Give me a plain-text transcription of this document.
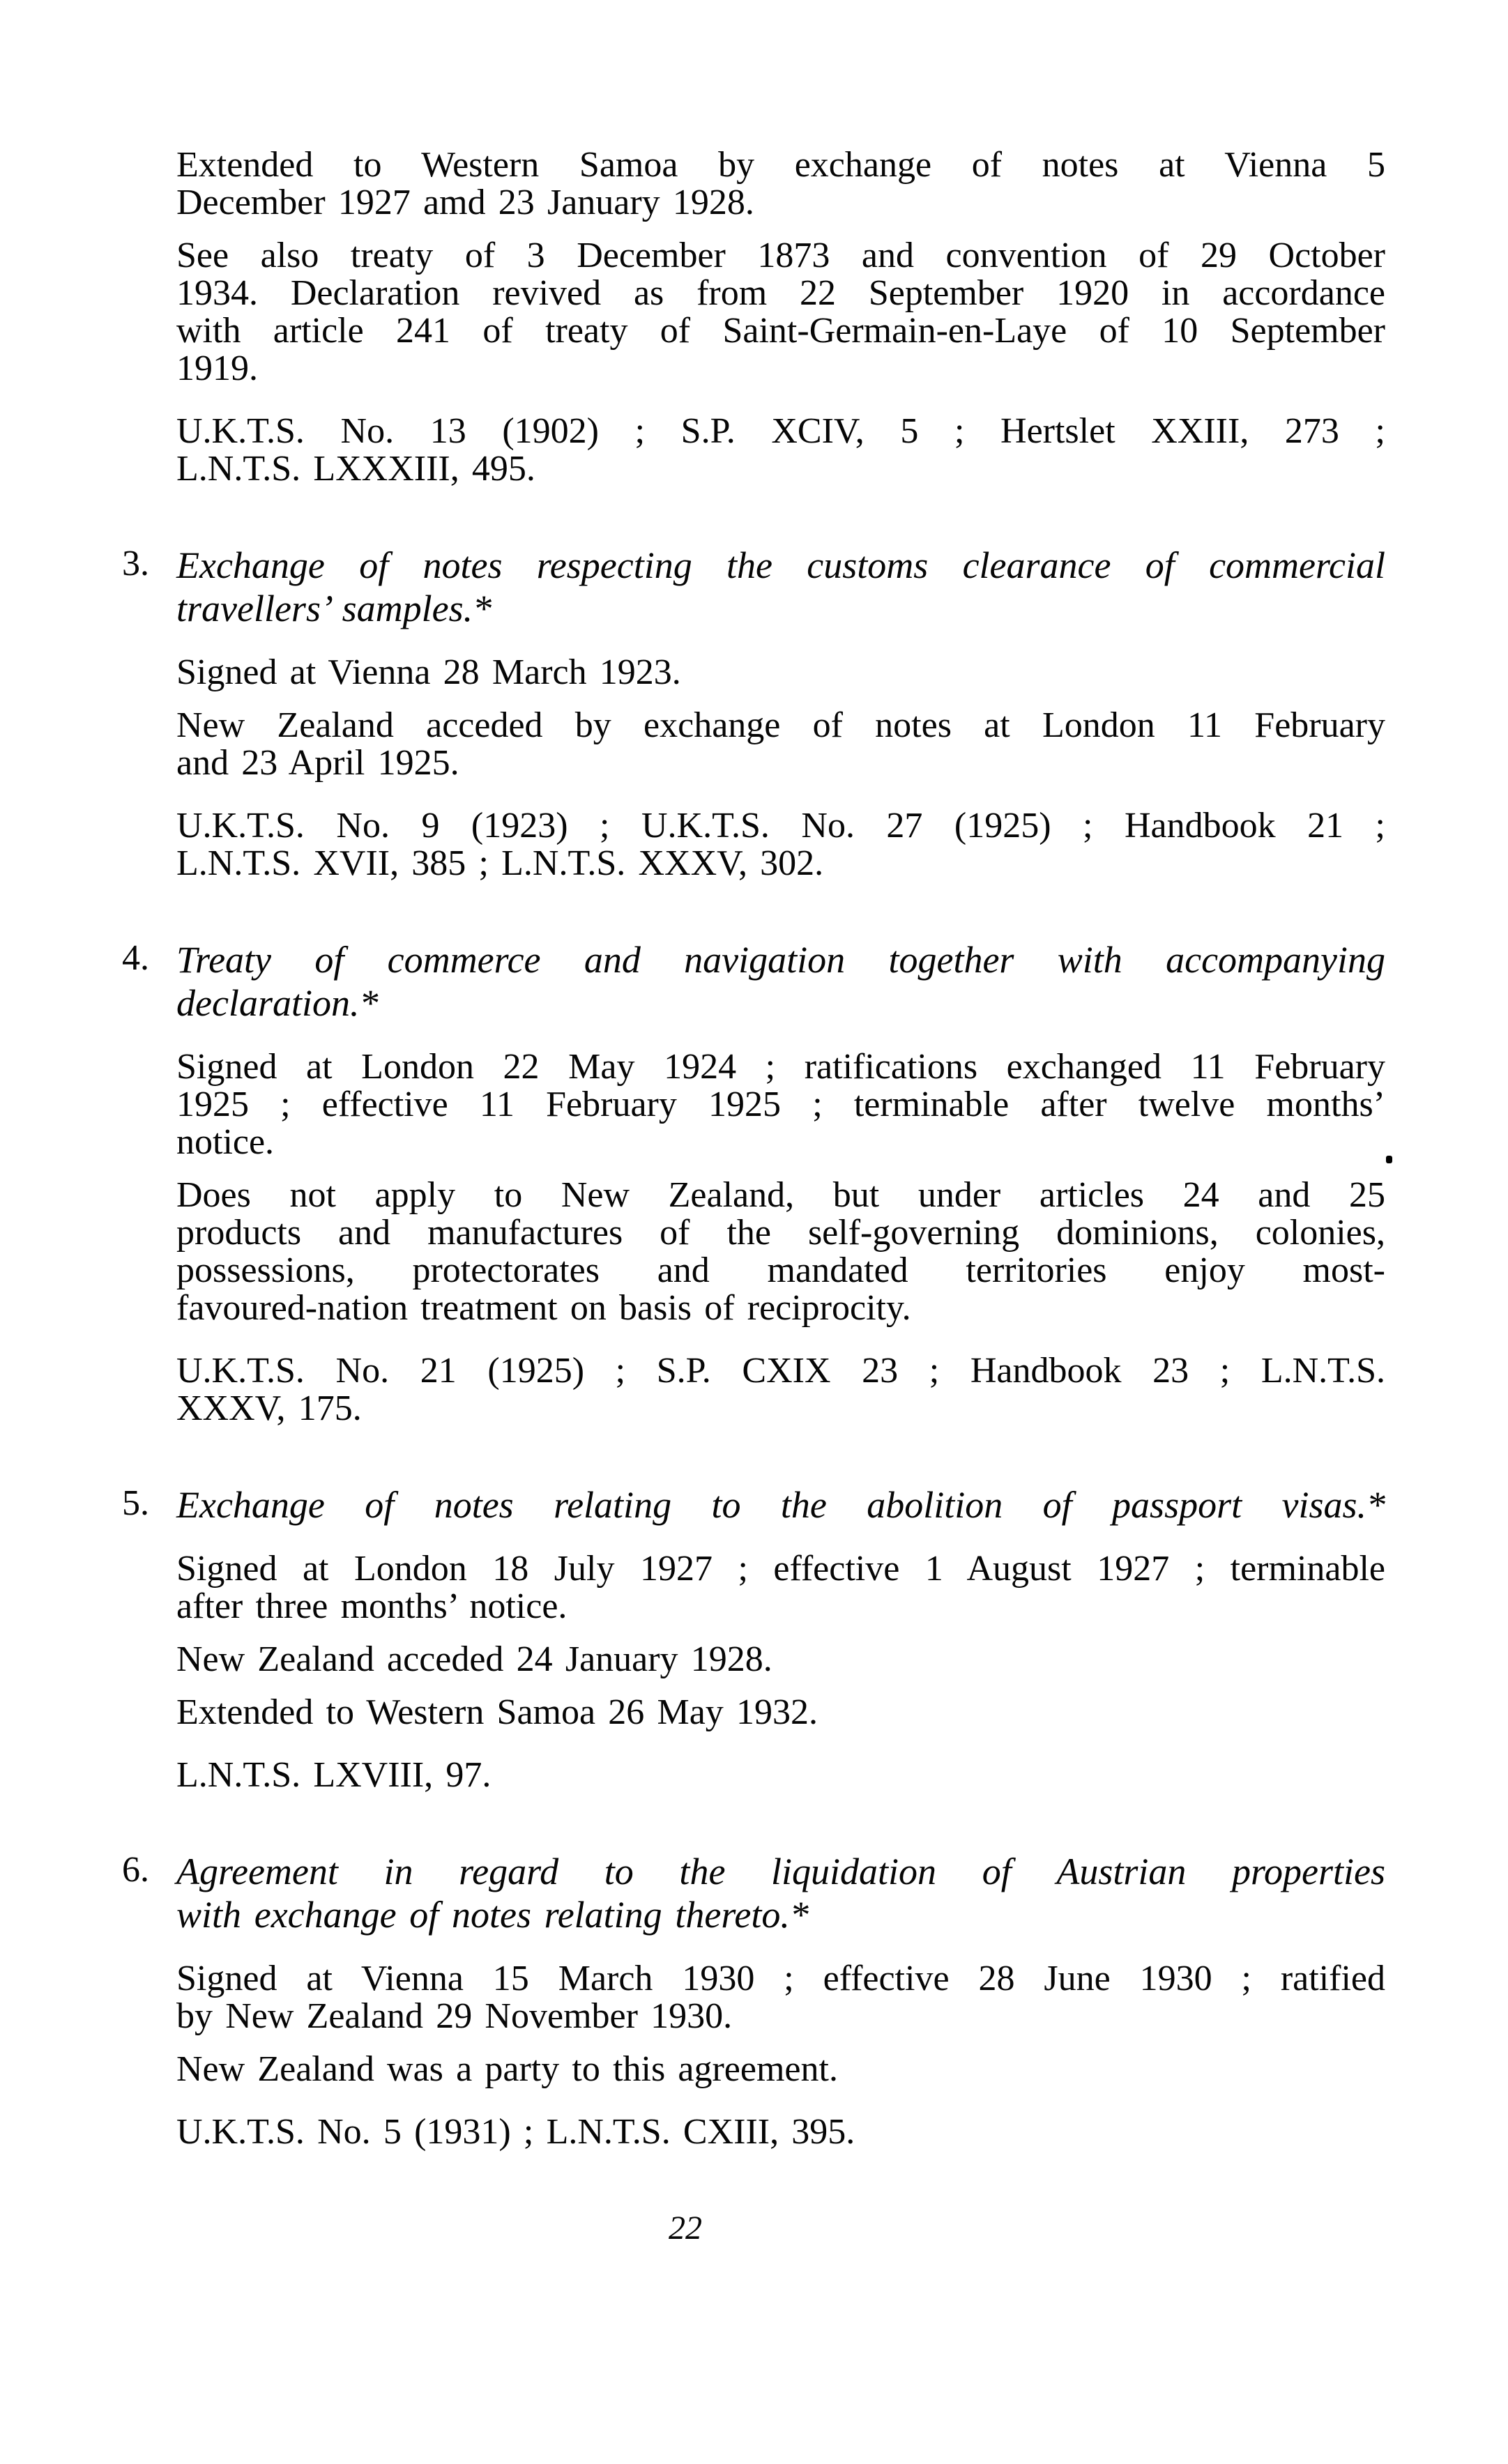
Extended to Western Samoa by exchange of notes at Vienna 5
December 1927 amd 23 January 1928.
See also treaty of 3 December 1873 and convention of 29 October
1934. Declaration revived as from 22 September 1920 in accordance
with article 241 of treaty of Saint-Germain-en-Laye of 10 September
1919.
U.K.T.S. No. 13 (1902) ; S.P. XCIV, 5 ; Hertslet XXIII, 273 ;
L.N.T.S. LXXXIII, 495.
3. Exchange of notes respecting the customs clearance of commercial
travellers’ samples.*
Signed at Vienna 28 March 1923.
New Zealand acceded by exchange of notes at London 11 February
and 23 April 1925.
U.K.T.S. No. 9 (1923) ; U.K.T.S. No. 27 (1925) ; Handbook 21 ;
L.N.T.S. XVII, 385 ; L.N.T.S. XXXV, 302.
4. Treaty of commerce and navigation together with accompanying
declaration.*
Signed at London 22 May 1924 ; ratifications exchanged 11 February
1925 ; effective 11 February 1925 ; terminable after twelve months’
notice.
Does not apply to New Zealand, but under articles 24 and 25
products and manufactures of the self-governing dominions, colonies,
possessions, protectorates and mandated territories enjoy most-
favoured-nation treatment on basis of reciprocity.
U.K.T.S. No. 21 (1925) ; S.P. CXIX 23 ; Handbook 23 ; L.N.T.S.
XXXV, 175.
5. Exchange of notes relating to the abolition of passport visas.*
Signed at London 18 July 1927 ; effective 1 August 1927 ; terminable
after three months’ notice.
New Zealand acceded 24 January 1928.
Extended to Western Samoa 26 May 1932.
L.N.T.S. LXVIII, 97.
6. Agreement in regard to the liquidation of Austrian properties
with exchange of notes relating thereto.*
Signed at Vienna 15 March 1930 ; effective 28 June 1930 ; ratified
by New Zealand 29 November 1930.
New Zealand was a party to this agreement.
U.K.T.S. No. 5 (1931) ; L.N.T.S. CXIII, 395.
22
